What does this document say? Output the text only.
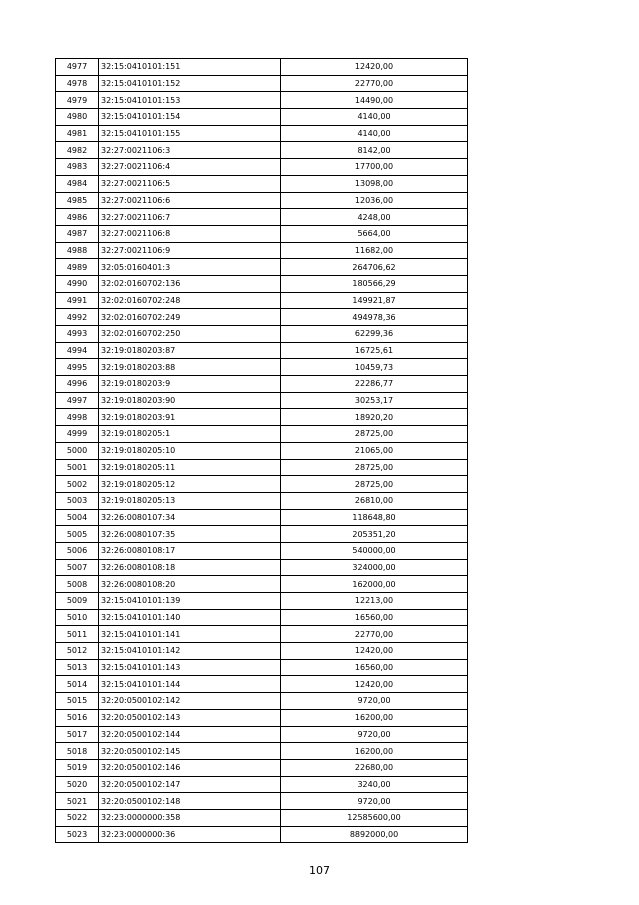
4977	32:15:0410101:151	12420,00
4978	32:15:0410101:152	22770,00
4979	32:15:0410101:153	14490,00
4980	32:15:0410101:154	4140,00
4981	32:15:0410101:155	4140,00
4982	32:27:0021106:3	8142,00
4983	32:27:0021106:4	17700,00
4984	32:27:0021106:5	13098,00
4985	32:27:0021106:6	12036,00
4986	32:27:0021106:7	4248,00
4987	32:27:0021106:8	5664,00
4988	32:27:0021106:9	11682,00
4989	32:05:0160401:3	264706,62
4990	32:02:0160702:136	180566,29
4991	32:02:0160702:248	149921,87
4992	32:02:0160702:249	494978,36
4993	32:02:0160702:250	62299,36
4994	32:19:0180203:87	16725,61
4995	32:19:0180203:88	10459,73
4996	32:19:0180203:9	22286,77
4997	32:19:0180203:90	30253,17
4998	32:19:0180203:91	18920,20
4999	32:19:0180205:1	28725,00
5000	32:19:0180205:10	21065,00
5001	32:19:0180205:11	28725,00
5002	32:19:0180205:12	28725,00
5003	32:19:0180205:13	26810,00
5004	32:26:0080107:34	118648,80
5005	32:26:0080107:35	205351,20
5006	32:26:0080108:17	540000,00
5007	32:26:0080108:18	324000,00
5008	32:26:0080108:20	162000,00
5009	32:15:0410101:139	12213,00
5010	32:15:0410101:140	16560,00
5011	32:15:0410101:141	22770,00
5012	32:15:0410101:142	12420,00
5013	32:15:0410101:143	16560,00
5014	32:15:0410101:144	12420,00
5015	32:20:0500102:142	9720,00
5016	32:20:0500102:143	16200,00
5017	32:20:0500102:144	9720,00
5018	32:20:0500102:145	16200,00
5019	32:20:0500102:146	22680,00
5020	32:20:0500102:147	3240,00
5021	32:20:0500102:148	9720,00
5022	32:23:0000000:358	12585600,00
5023	32:23:0000000:36	8892000,00
107
